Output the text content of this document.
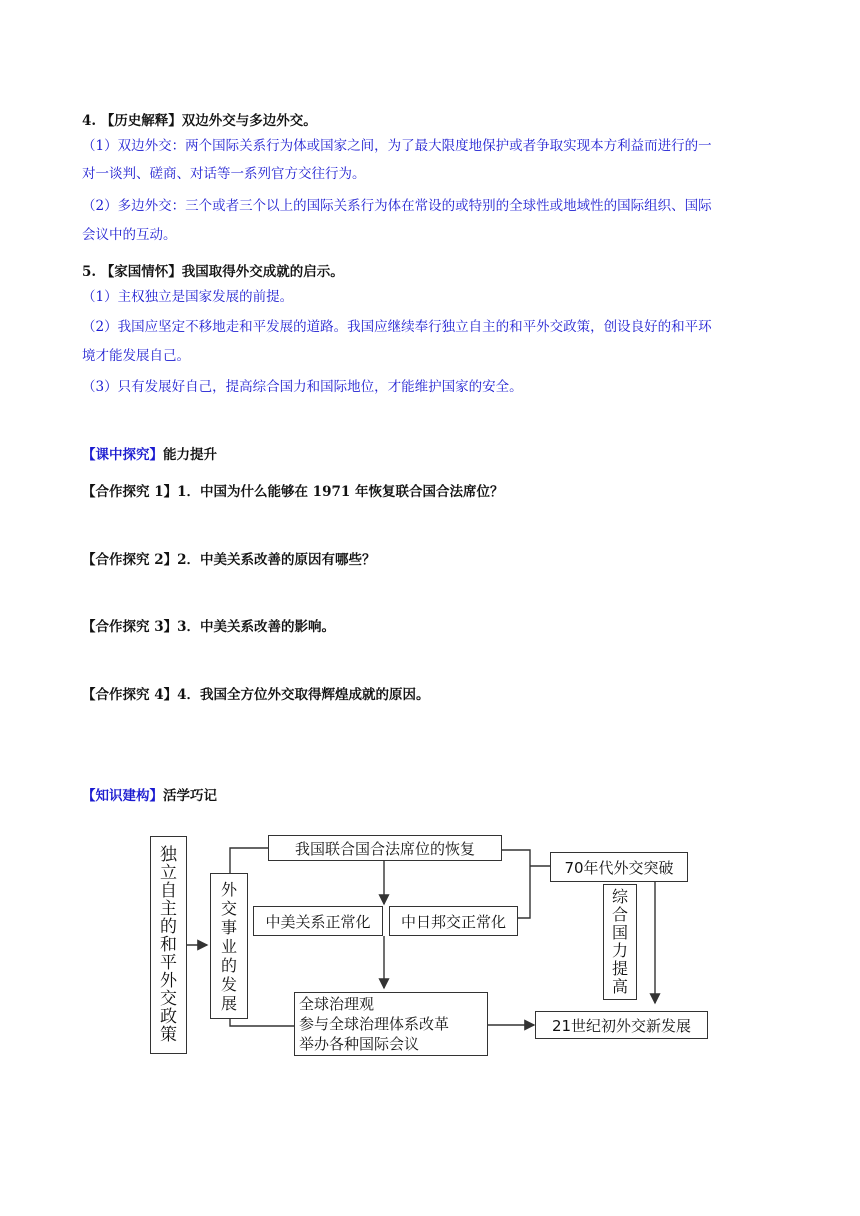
4. 【历史解释】双边外交与多边外交。
（1）双边外交：两个国际关系行为体或国家之间，为了最大限度地保护或者争取实现本方利益而进行的一
对一谈判、磋商、对话等一系列官方交往行为。
（2）多边外交：三个或者三个以上的国际关系行为体在常设的或特别的全球性或地域性的国际组织、国际
会议中的互动。
5. 【家国情怀】我国取得外交成就的启示。
（1）主权独立是国家发展的前提。
（2）我国应坚定不移地走和平发展的道路。我国应继续奉行独立自主的和平外交政策，创设良好的和平环
境才能发展自己。
（3）只有发展好自己，提高综合国力和国际地位，才能维护国家的安全。
【课中探究】能力提升
【合作探究 1】1．中国为什么能够在 1971 年恢复联合国合法席位？
【合作探究 2】2．中美关系改善的原因有哪些？
【合作探究 3】3．中美关系改善的影响。
【合作探究 4】4．我国全方位外交取得辉煌成就的原因。
【知识建构】活学巧记
独
立
自
主
的
和
平
外
交
政
策
外
交
事
业
的
发
展
我国联合国合法席位的恢复
中美关系正常化 中日邦交正常化
70年代外交突破
综
合
国
力
提
高
全球治理观
参与全球治理体系改革
举办各种国际会议
21世纪初外交新发展
